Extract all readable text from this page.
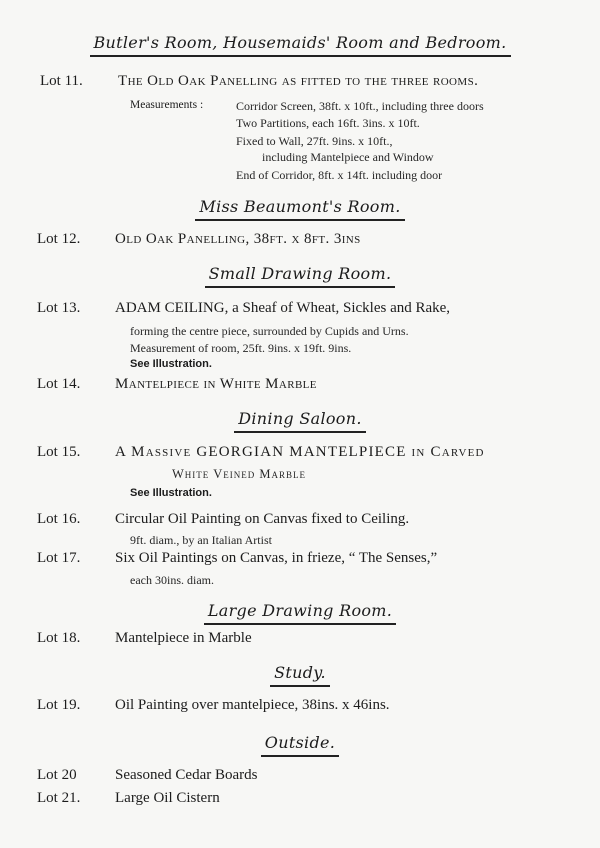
Butler's Room, Housemaids' Room and Bedroom.
Lot 11. The Old Oak Panelling as fitted to the three rooms.
Measurements :	Corridor Screen, 38ft. x 10ft., including three doors
Two Partitions, each 16ft. 3ins. x 10ft.
Fixed to Wall, 27ft. 9ins. x 10ft.,
including Mantelpiece and Window
End of Corridor, 8ft. x 14ft. including door
Miss Beaumont's Room.
Lot 12. Old Oak Panelling, 38ft. x 8ft. 3ins
Small Drawing Room.
Lot 13. ADAM CEILING, a Sheaf of Wheat, Sickles and Rake,
forming the centre piece, surrounded by Cupids and Urns.
Measurement of room, 25ft. 9ins. x 19ft. 9ins.
See Illustration.
Lot 14. Mantelpiece in White Marble
Dining Saloon.
Lot 15. A Massive GEORGIAN MANTELPIECE in Carved
White Veined Marble
See Illustration.
Lot 16. Circular Oil Painting on Canvas fixed to Ceiling.
9ft. diam., by an Italian Artist
Lot 17. Six Oil Paintings on Canvas, in frieze, “ The Senses,”
each 30ins. diam.
Large Drawing Room.
Lot 18. Mantelpiece in Marble
Study.
Lot 19. Oil Painting over mantelpiece, 38ins. x 46ins.
Outside.
Lot 20	Seasoned Cedar Boards
Lot 21. Large Oil Cistern
